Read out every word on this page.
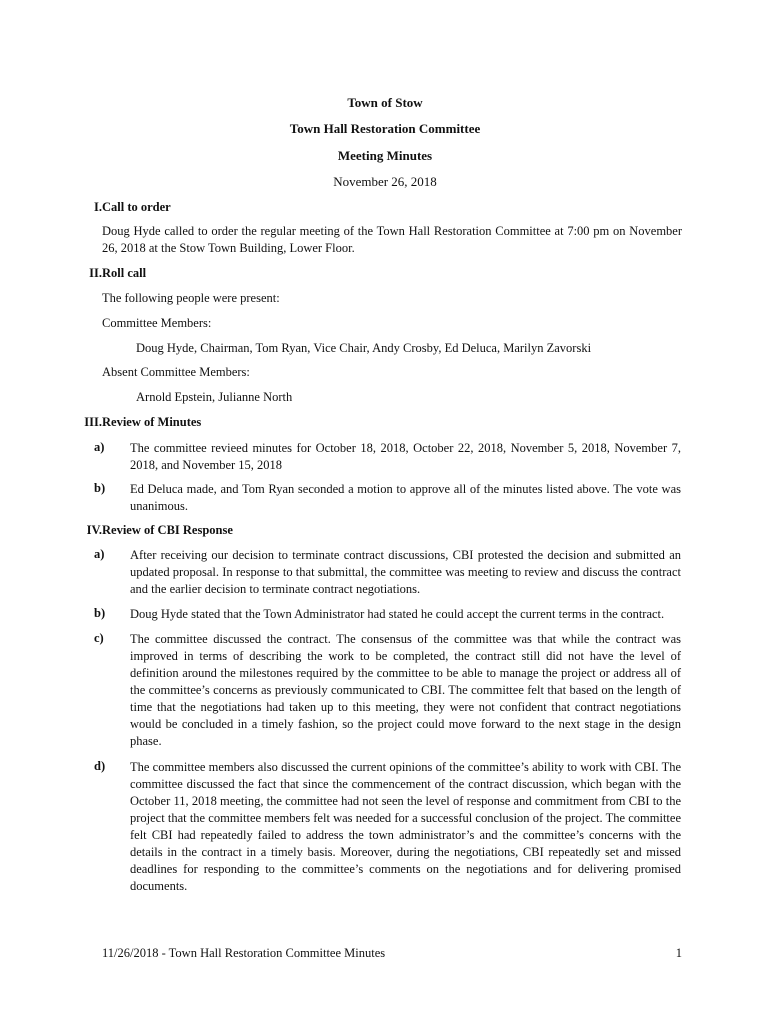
Town of Stow
Town Hall Restoration Committee
Meeting Minutes
November 26, 2018
I. Call to order
Doug Hyde called to order the regular meeting of the Town Hall Restoration Committee at 7:00 pm on November 26, 2018 at the Stow Town Building, Lower Floor.
II. Roll call
The following people were present:
Committee Members:
Doug Hyde, Chairman, Tom Ryan, Vice Chair, Andy Crosby, Ed Deluca, Marilyn Zavorski
Absent Committee Members:
Arnold Epstein, Julianne North
III. Review of Minutes
a) The committee revieed minutes for October 18, 2018, October 22, 2018, November 5, 2018, November 7, 2018, and November 15, 2018
b) Ed Deluca made, and Tom Ryan seconded a motion to approve all of the minutes listed above. The vote was unanimous.
IV. Review of CBI Response
a) After receiving our decision to terminate contract discussions, CBI protested the decision and submitted an updated proposal. In response to that submittal, the committee was meeting to review and discuss the contract and the earlier decision to terminate contract negotiations.
b) Doug Hyde stated that the Town Administrator had stated he could accept the current terms in the contract.
c) The committee discussed the contract. The consensus of the committee was that while the contract was improved in terms of describing the work to be completed, the contract still did not have the level of definition around the milestones required by the committee to be able to manage the project or address all of the committee’s concerns as previously communicated to CBI. The committee felt that based on the length of time that the negotiations had taken up to this meeting, they were not confident that contract negotiations would be concluded in a timely fashion, so the project could move forward to the next stage in the design phase.
d) The committee members also discussed the current opinions of the committee’s ability to work with CBI. The committee discussed the fact that since the commencement of the contract discussion, which began with the October 11, 2018 meeting, the committee had not seen the level of response and commitment from CBI to the project that the committee members felt was needed for a successful conclusion of the project. The committee felt CBI had repeatedly failed to address the town administrator’s and the committee’s concerns with the details in the contract in a timely basis. Moreover, during the negotiations, CBI repeatedly set and missed deadlines for responding to the committee’s comments on the negotiations and for delivering promised documents.
11/26/2018 - Town Hall Restoration Committee Minutes	1
